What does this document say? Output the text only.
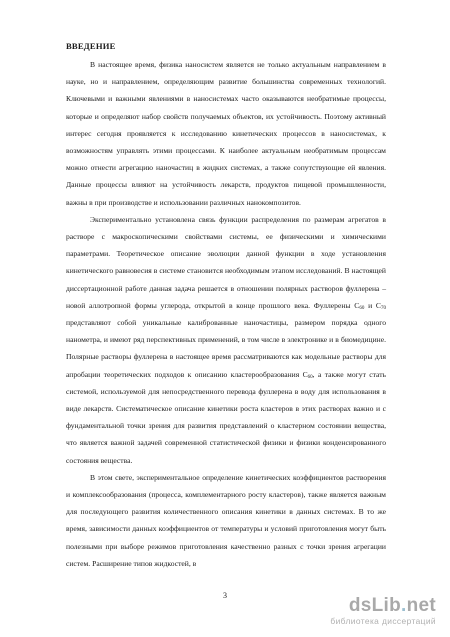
ВВЕДЕНИЕ

В настоящее время, физика наносистем является не только актуальным направлением в науке, но и направлением, определяющим развитие большинства современных технологий. Ключевыми и важными явлениями в наносистемах часто оказываются необратимые процессы, которые и определяют набор свойств получаемых объектов, их устойчивость. Поэтому активный интерес сегодня проявляется к исследованию кинетических процессов в наносистемах, к возможностям управлять этими процессами. К наиболее актуальным необратимым процессам можно отнести агрегацию наночастиц в жидких системах, а также сопутствующие ей явления. Данные процессы влияют на устойчивость лекарств, продуктов пищевой промышленности, важны в при производстве и использовании различных нанокомпозитов.

Экспериментально установлена связь функции распределения по размерам агрегатов в растворе с макроскопическими свойствами системы, ее физическими и химическими параметрами. Теоретическое описание эволюции данной функции в ходе установления кинетического равновесия в системе становится необходимым этапом исследований. В настоящей диссертационной работе данная задача решается в отношении полярных растворов фуллерена – новой аллотропной формы углерода, открытой в конце прошлого века. Фуллерены $С_{60}$ и $С_{70}$ представляют собой уникальные калиброванные наночастицы, размером порядка одного нанометра, и имеют ряд перспективных применений, в том числе в электронике и в биомедицине. Полярные растворы фуллерена в настоящее время рассматриваются как модельные растворы для апробации теоретических подходов к описанию кластерообразования $С_{60}$, а также могут стать системой, используемой для непосредственного перевода фуллерена в воду для использования в виде лекарств. Систематическое описание кинетики роста кластеров в этих растворах важно и с фундаментальной точки зрения для развития представлений о кластерном состоянии вещества, что является важной задачей современной статистической физики и физики конденсированного состояния вещества.

В этом свете, экспериментальное определение кинетических коэффициентов растворения и комплексообразования (процесса, комплементарного росту кластеров), также является важным для последующего развития количественного описания кинетики в данных системах. В то же время, зависимости данных коэффициентов от температуры и условий приготовления могут быть полезными при выборе режимов приготовления качественно разных с точки зрения агрегации систем. Расширение типов жидкостей, в

3	dsLib.net
библиотека диссертаций
